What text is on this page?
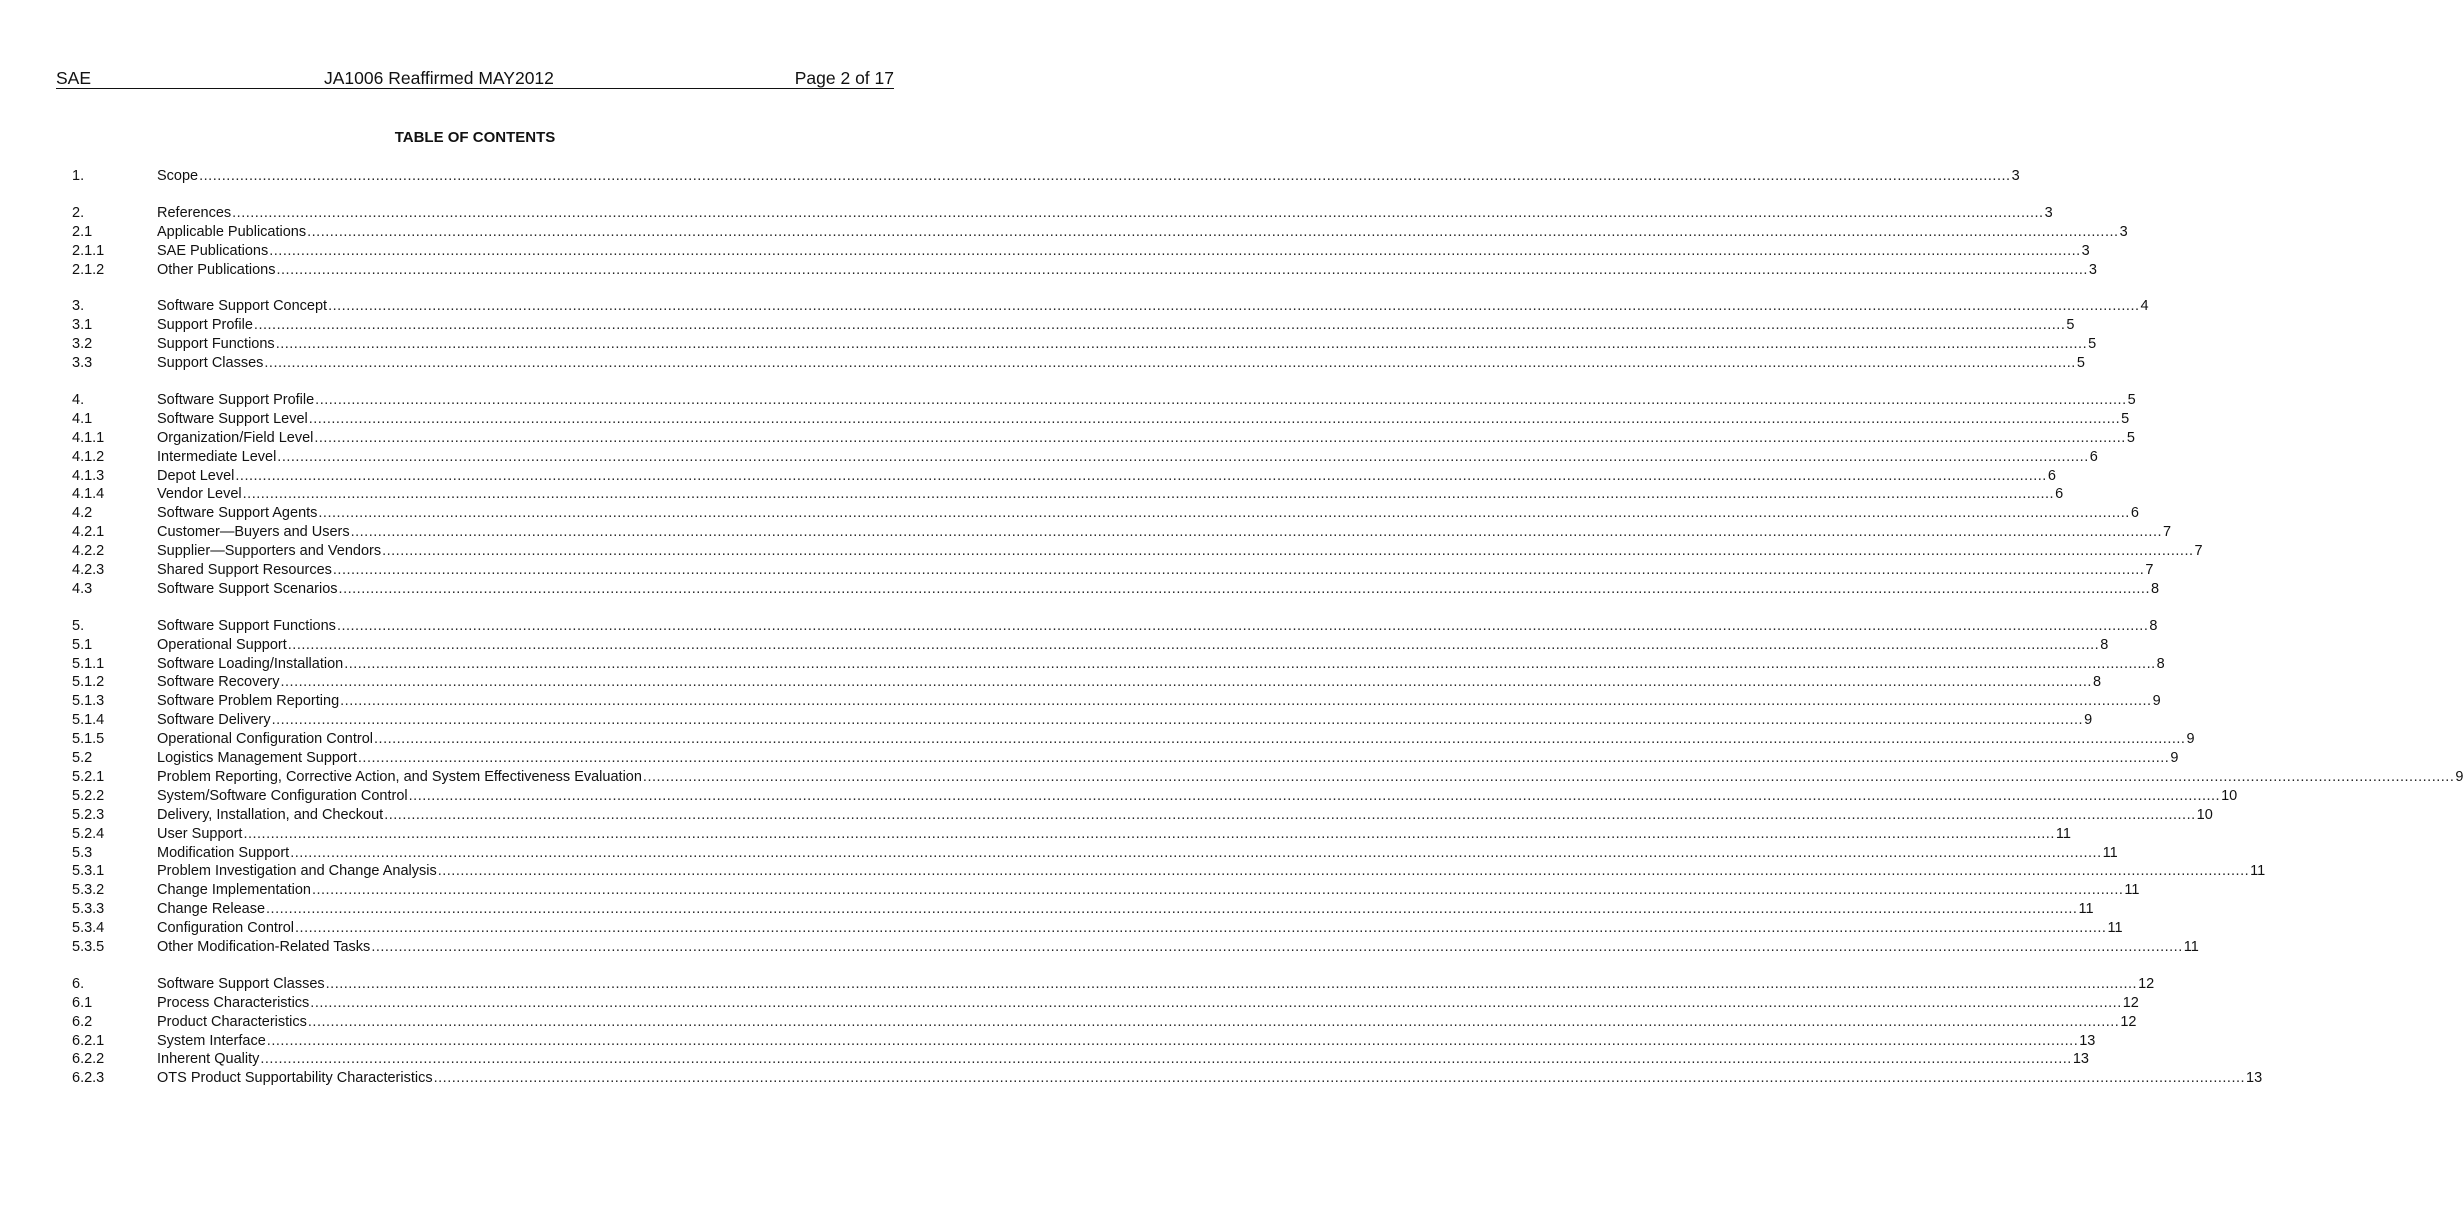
SAE	JA1006 Reaffirmed MAY2012	Page 2 of 17
TABLE OF CONTENTS
1.	Scope ................................................................................................................................................................................................................................................................................................................................................................................................................ 3
2.	References ................................................................................................................................................................................................................................................................................................................................................................................................................ 3
2.1	Applicable Publications ................................................................................................................................................................................................................................................................................................................................................................................................................ 3
2.1.1	SAE Publications ................................................................................................................................................................................................................................................................................................................................................................................................................ 3
2.1.2	Other Publications ................................................................................................................................................................................................................................................................................................................................................................................................................ 3
3.	Software Support Concept ................................................................................................................................................................................................................................................................................................................................................................................................................ 4
3.1	Support Profile ................................................................................................................................................................................................................................................................................................................................................................................................................ 5
3.2	Support Functions ................................................................................................................................................................................................................................................................................................................................................................................................................ 5
3.3	Support Classes ................................................................................................................................................................................................................................................................................................................................................................................................................ 5
4.	Software Support Profile ................................................................................................................................................................................................................................................................................................................................................................................................................ 5
4.1	Software Support Level ................................................................................................................................................................................................................................................................................................................................................................................................................ 5
4.1.1	Organization/Field Level ................................................................................................................................................................................................................................................................................................................................................................................................................ 5
4.1.2	Intermediate Level ................................................................................................................................................................................................................................................................................................................................................................................................................ 6
4.1.3	Depot Level ................................................................................................................................................................................................................................................................................................................................................................................................................ 6
4.1.4	Vendor Level ................................................................................................................................................................................................................................................................................................................................................................................................................ 6
4.2	Software Support Agents ................................................................................................................................................................................................................................................................................................................................................................................................................ 6
4.2.1	Customer—Buyers and Users ................................................................................................................................................................................................................................................................................................................................................................................................................ 7
4.2.2	Supplier—Supporters and Vendors ................................................................................................................................................................................................................................................................................................................................................................................................................ 7
4.2.3	Shared Support Resources ................................................................................................................................................................................................................................................................................................................................................................................................................ 7
4.3	Software Support Scenarios ................................................................................................................................................................................................................................................................................................................................................................................................................ 8
5.	Software Support Functions ................................................................................................................................................................................................................................................................................................................................................................................................................ 8
5.1	Operational Support ................................................................................................................................................................................................................................................................................................................................................................................................................ 8
5.1.1	Software Loading/Installation ................................................................................................................................................................................................................................................................................................................................................................................................................ 8
5.1.2	Software Recovery ................................................................................................................................................................................................................................................................................................................................................................................................................ 8
5.1.3	Software Problem Reporting ................................................................................................................................................................................................................................................................................................................................................................................................................ 9
5.1.4	Software Delivery ................................................................................................................................................................................................................................................................................................................................................................................................................ 9
5.1.5	Operational Configuration Control ................................................................................................................................................................................................................................................................................................................................................................................................................ 9
5.2	Logistics Management Support ................................................................................................................................................................................................................................................................................................................................................................................................................ 9
5.2.1	Problem Reporting, Corrective Action, and System Effectiveness Evaluation ................................................................................................................................................................................................................................................................................................................................................................................................................ 9
5.2.2	System/Software Configuration Control ................................................................................................................................................................................................................................................................................................................................................................................................................ 10
5.2.3	Delivery, Installation, and Checkout ................................................................................................................................................................................................................................................................................................................................................................................................................ 10
5.2.4	User Support ................................................................................................................................................................................................................................................................................................................................................................................................................ 11
5.3	Modification Support ................................................................................................................................................................................................................................................................................................................................................................................................................ 11
5.3.1	Problem Investigation and Change Analysis ................................................................................................................................................................................................................................................................................................................................................................................................................ 11
5.3.2	Change Implementation ................................................................................................................................................................................................................................................................................................................................................................................................................ 11
5.3.3	Change Release ................................................................................................................................................................................................................................................................................................................................................................................................................ 11
5.3.4	Configuration Control ................................................................................................................................................................................................................................................................................................................................................................................................................ 11
5.3.5	Other Modification-Related Tasks ................................................................................................................................................................................................................................................................................................................................................................................................................ 11
6.	Software Support Classes ................................................................................................................................................................................................................................................................................................................................................................................................................ 12
6.1	Process Characteristics ................................................................................................................................................................................................................................................................................................................................................................................................................ 12
6.2	Product Characteristics ................................................................................................................................................................................................................................................................................................................................................................................................................ 12
6.2.1	System Interface ................................................................................................................................................................................................................................................................................................................................................................................................................ 13
6.2.2	Inherent Quality ................................................................................................................................................................................................................................................................................................................................................................................................................ 13
6.2.3	OTS Product Supportability Characteristics ................................................................................................................................................................................................................................................................................................................................................................................................................ 13
